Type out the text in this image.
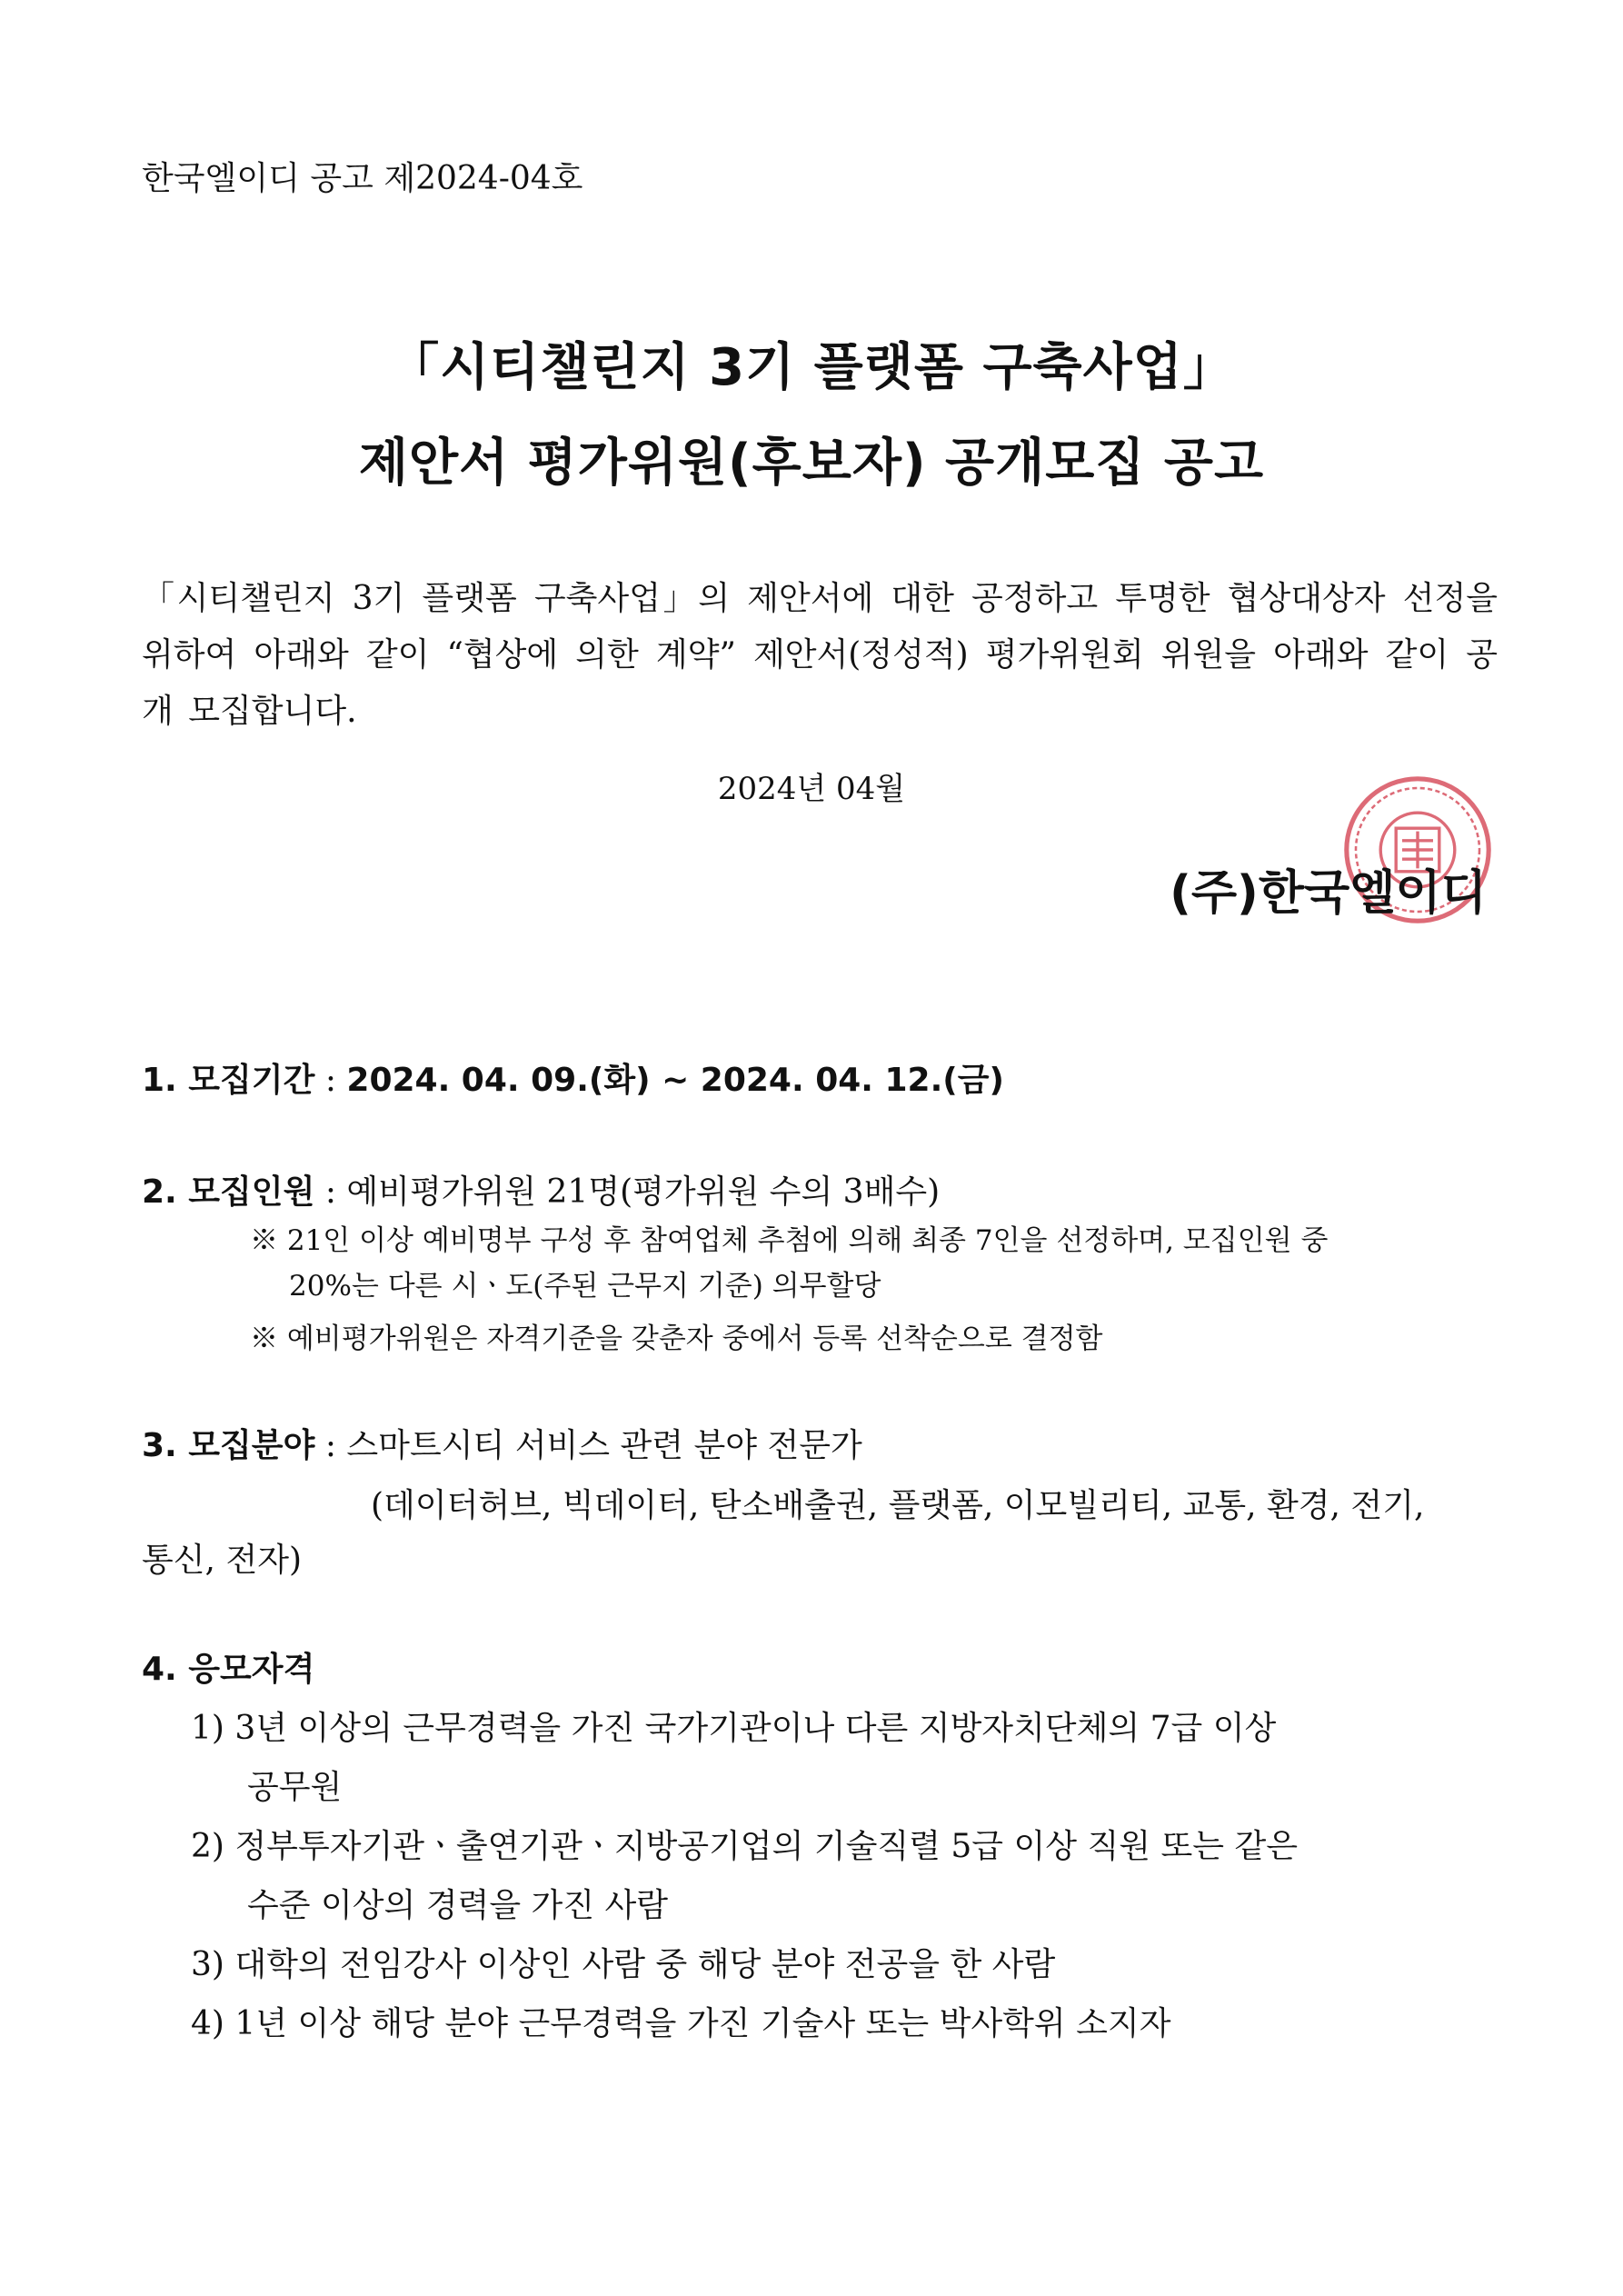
한국엘이디 공고 제2024-04호
「시티챌린지 3기 플랫폼 구축사업」
제안서 평가위원(후보자) 공개모집 공고
「시티챌린지 3기 플랫폼 구축사업」의 제안서에 대한 공정하고 투명한 협상대상자 선정을 위하여 아래와 같이 “협상에 의한 계약” 제안서(정성적) 평가위원회 위원을 아래와 같이 공개 모집합니다.
2024년 04월
(주)한국엘이디
1. 모집기간 : 2024. 04. 09.(화) ~ 2024. 04. 12.(금)
2. 모집인원 : 예비평가위원 21명(평가위원 수의 3배수)
※ 21인 이상 예비명부 구성 후 참여업체 추첨에 의해 최종 7인을 선정하며, 모집인원 중
20%는 다른 시ㆍ도(주된 근무지 기준) 의무할당
※ 예비평가위원은 자격기준을 갖춘자 중에서 등록 선착순으로 결정함
3. 모집분야 : 스마트시티 서비스 관련 분야 전문가
(데이터허브, 빅데이터, 탄소배출권, 플랫폼, 이모빌리티, 교통, 환경, 전기,
통신, 전자)
4. 응모자격
1) 3년 이상의 근무경력을 가진 국가기관이나 다른 지방자치단체의 7급 이상
공무원
2) 정부투자기관ㆍ출연기관ㆍ지방공기업의 기술직렬 5급 이상 직원 또는 같은
수준 이상의 경력을 가진 사람
3) 대학의 전임강사 이상인 사람 중 해당 분야 전공을 한 사람
4) 1년 이상 해당 분야 근무경력을 가진 기술사 또는 박사학위 소지자
